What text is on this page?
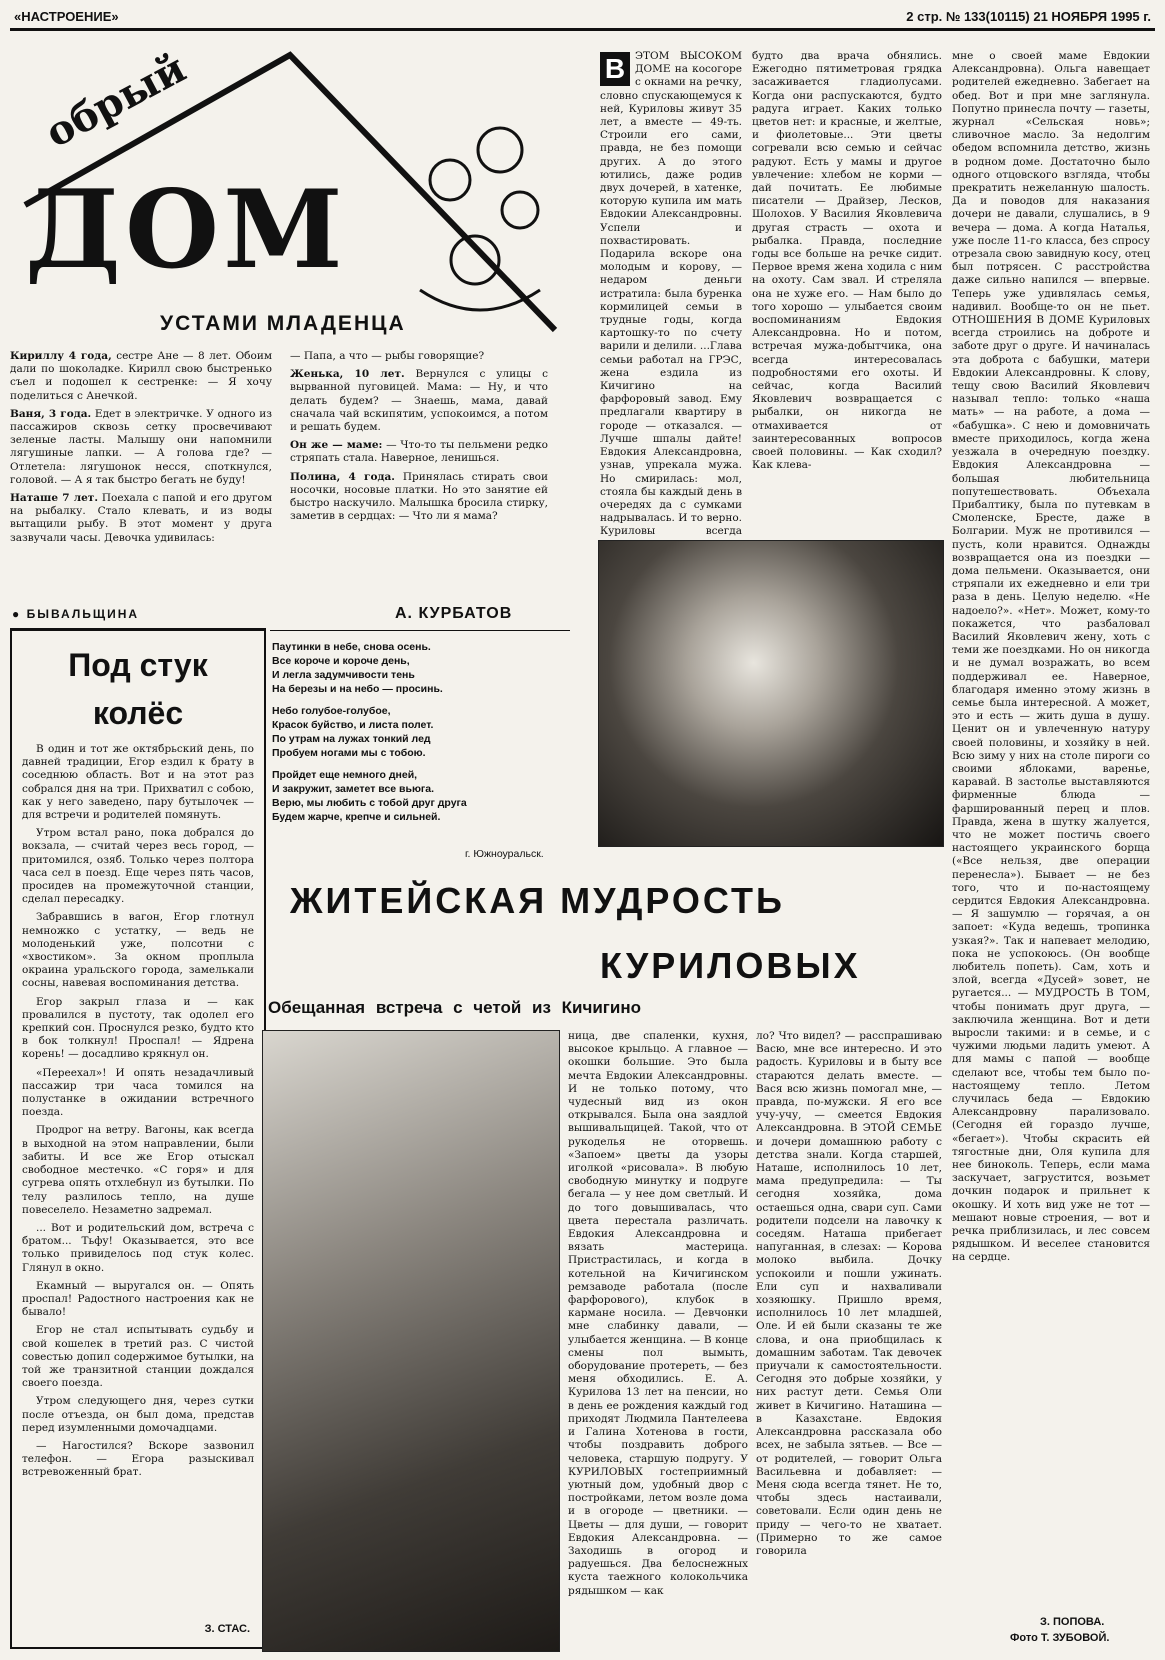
«НАСТРОЕНИЕ»	2 стр. № 133(10115) 21 НОЯБРЯ 1995 г.
обрый
ДОМ
УСТАМИ МЛАДЕНЦА

Кириллу 4 года, сестре Ане — 8 лет. Обоим дали по шоколадке. Кирилл свою быстренько съел и подошел к сестренке: — Я хочу поделиться с Анечкой.

Ваня, 3 года. Едет в электричке. У одного из пассажиров сквозь сетку просвечивают зеленые ласты. Малышу они напомнили лягушиные лапки. — А голова где? — Отлетела: лягушонок несся, споткнулся, головой. — А я так быстро бегать не буду!

Наташе 7 лет. Поехала с папой и его другом на рыбалку. Стало клевать, и из воды вытащили рыбу. В этот момент у друга зазвучали часы. Девочка удивилась:

— Папа, а что — рыбы говорящие?

Женька, 10 лет. Вернулся с улицы с вырванной пуговицей. Мама: — Ну, и что делать будем? — Знаешь, мама, давай сначала чай вскипятим, успокоимся, а потом и решать будем.

Он же — маме: — Что-то ты пельмени редко стряпать стала. Наверное, ленишься.

Полина, 4 года. Принялась стирать свои носочки, носовые платки. Но это занятие ей быстро наскучило. Малышка бросила стирку, заметив в сердцах: — Что ли я мама?

● БЫВАЛЬЩИНА
Под стук
колёс

В один и тот же октябрьский день, по давней традиции, Егор ездил к брату в соседнюю область. Вот и на этот раз собрался дня на три. Прихватил с собою, как у него заведено, пару бутылочек — для встречи и родителей помянуть.

Утром встал рано, пока добрался до вокзала, — считай через весь город, — притомился, озяб. Только через полтора часа сел в поезд. Еще через пять часов, просидев на промежуточной станции, сделал пересадку.

Забравшись в вагон, Егор глотнул немножко с устатку, — ведь не молоденький уже, полсотни с «хвостиком». За окном проплыла окраина уральского города, замелькали сосны, навевая воспоминания детства.

Егор закрыл глаза и — как провалился в пустоту, так одолел его крепкий сон. Проснулся резко, будто кто в бок толкнул! Проспал! — Ядрена корень! — досадливо крякнул он.

«Переехал»! И опять незадачливый пассажир три часа томился на полустанке в ожидании встречного поезда.

Продрог на ветру. Вагоны, как всегда в выходной на этом направлении, были забиты. И все же Егор отыскал свободное местечко. «С горя» и для сугрева опять отхлебнул из бутылки. По телу разлилось тепло, на душе повеселело. Незаметно задремал.

... Вот и родительский дом, встреча с братом... Тьфу! Оказывается, это все только привиделось под стук колес. Глянул в окно.

Екамный — выругался он. — Опять проспал! Радостного настроения как не бывало!

Егор не стал испытывать судьбу и свой кошелек в третий раз. С чистой совестью допил содержимое бутылки, на той же транзитной станции дождался своего поезда.

Утром следующего дня, через сутки после отъезда, он был дома, представ перед изумленными домочадцами.

— Нагостился? Вскоре зазвонил телефон. — Егора разыскивал встревоженный брат.

З. СТАС.
А. КУРБАТОВ
Паутинки в небе, снова осень.
Все короче и короче день,
И легла задумчивости тень
На березы и на небо — просинь.
Небо голубое-голубое,
Красок буйство, и листа полет.
По утрам на лужах тонкий лед
Пробуем ногами мы с тобою.
Пройдет еще немного дней,
И закружит, заметет все вьюга.
Верю, мы любить с тобой друг друга
Будем жарче, крепче и сильней.
г. Южноуральск.
ЖИТЕЙСКАЯ МУДРОСТЬ
КУРИЛОВЫХ
Обещанная встреча с четой из Кичигино
В ЭТОМ ВЫСОКОМ ДОМЕ на косогоре с окнами на речку, словно спускающемуся к ней, Куриловы живут 35 лет, а вместе — 49-ть. Строили его сами, правда, не без помощи других. А до этого ютились, даже родив двух дочерей, в хатенке, которую купила им мать Евдокии Александровны. Успели и похвастировать. Подарила вскоре она молодым и корову, — недаром деньги истратила: была буренка кормилицей семьи в трудные годы, когда картошку-то по счету варили и делили. ...Глава семьи работал на ГРЭС, жена ездила из Кичигино на фарфоровый завод. Ему предлагали квартиру в городе — отказался. — Лучше шпалы дайте! Евдокия Александровна, узнав, упрекала мужа. Но смирилась: мол, стояла бы каждый день в очередях да с сумками надрывалась. И то верно. Куриловы всегда
будто два врача обнялись. Ежегодно пятиметровая грядка засаживается гладиолусами. Когда они распускаются, будто радуга играет. Каких только цветов нет: и красные, и желтые, и фиолетовые... Эти цветы согревали всю семью и сейчас радуют. Есть у мамы и другое увлечение: хлебом не корми — дай почитать. Ее любимые писатели — Драйзер, Лесков, Шолохов. У Василия Яковлевича другая страсть — охота и рыбалка. Правда, последние годы все больше на речке сидит. Первое время жена ходила с ним на охоту. Сам звал. И стреляла она не хуже его. — Нам было до того хорошо — улыбается своим воспоминаниям Евдокия Александровна. Но и потом, встречая мужа-добытчика, она всегда интересовалась подробностями его охоты. И сейчас, когда Василий Яковлевич возвращается с рыбалки, он никогда не отмахивается от заинтересованных вопросов своей половины. — Как сходил? Как клева-
мне о своей маме Евдокии Александровна). Ольга навещает родителей ежедневно. Забегает на обед. Вот и при мне заглянула. Попутно принесла почту — газеты, журнал «Сельская новь»; сливочное масло. За недолгим обедом вспомнила детство, жизнь в родном доме. Достаточно было одного отцовского взгляда, чтобы прекратить нежеланную шалость. Да и поводов для наказания дочери не давали, слушались, в 9 вечера — дома. А когда Наталья, уже после 11-го класса, без спросу отрезала свою завидную косу, отец был потрясен. С расстройства даже сильно напился — впервые. Теперь уже удивлялась семья, надивил. Вообще-то он не пьет. ОТНОШЕНИЯ В ДОМЕ Куриловых всегда строились на доброте и заботе друг о друге. И начиналась эта доброта с бабушки, матери Евдокии Александровны. К слову, тещу свою Василий Яковлевич называл тепло: только «наша мать» — на работе, а дома — «бабушка». С нею и домовничать вместе приходилось, когда жена уезжала в очередную поездку. Евдокия Александровна — большая любительница попутешествовать. Объехала Прибалтику, была по путевкам в Смоленске, Бресте, даже в Болгарии. Муж не противился — пусть, коли нравится. Однажды возвращается она из поездки — дома пельмени. Оказывается, они стряпали их ежедневно и ели три раза в день. Целую неделю. «Не надоело?». «Нет». Может, кому-то покажется, что разбаловал Василий Яковлевич жену, хоть с теми же поездками. Но он никогда и не думал возражать, во всем поддерживал ее. Наверное, благодаря именно этому жизнь в семье была интересной. А может, это и есть — жить душа в душу. Ценит он и увлеченную натуру своей половины, и хозяйку в ней. Всю зиму у них на столе пироги со своими яблоками, варенье, каравай. В застолье выставляются фирменные блюда — фаршированный перец и плов. Правда, жена в шутку жалуется, что не может постичь своего настоящего украинского борща («Все нельзя, две операции перенесла»). Бывает — не без того, что и по-настоящему сердится Евдокия Александровна. — Я зашумлю — горячая, а он запоет: «Куда ведешь, тропинка узкая?». Так и напевает мелодию, пока не успокоюсь. (Он вообще любитель попеть). Сам, хоть и злой, всегда «Дусей» зовет, не ругается... — МУДРОСТЬ В ТОМ, чтобы понимать друг друга, — заключила женщина. Вот и дети выросли такими: и в семье, и с чужими людьми ладить умеют. А для мамы с папой — вообще сделают все, чтобы тем было по-настоящему тепло. Летом случилась беда — Евдокию Александровну парализовало. (Сегодня ей гораздо лучше, «бегает»). Чтобы скрасить ей тягостные дни, Оля купила для нее биноколь. Теперь, если мама заскучает, загрустится, возьмет дочкин подарок и прильнет к окошку. И хоть вид уже не тот — мешают новые строения, — вот и речка приблизилась, и лес совсем рядышком. И веселее становится на сердце.
ница, две спаленки, кухня, высокое крыльцо. А главное — окошки большие. Это была мечта Евдокии Александровны. И не только потому, что чудесный вид из окон открывался. Была она заядлой вышивальщицей. Такой, что от рукоделья не оторвешь. «Запоем» цветы да узоры иголкой «рисовала». В любую свободную минутку и подруге бегала — у нее дом светлый. И до того довышивалась, что цвета перестала различать. Евдокия Александровна и вязать мастерица. Пристрастилась, и когда в котельной на Кичигинском ремзаводе работала (после фарфорового), клубок в кармане носила. — Девчонки мне слабинку давали, — улыбается женщина. — В конце смены пол вымыть, оборудование протереть, — без меня обходились. Е. А. Курилова 13 лет на пенсии, но в день ее рождения каждый год приходят Людмила Пантелеева и Галина Хотенова в гости, чтобы поздравить доброго человека, старшую подругу. У КУРИЛОВЫХ гостеприимный уютный дом, удобный двор с постройками, летом возле дома и в огороде — цветники. — Цветы — для души, — говорит Евдокия Александровна. — Заходишь в огород и радуешься. Два белоснежных куста таежного колокольчика рядышком — как
ло? Что видел? — расспрашиваю Васю, мне все интересно. И это радость. Куриловы и в быту все стараются делать вместе. — Вася всю жизнь помогал мне, — правда, по-мужски. Я его все учу-учу, — смеется Евдокия Александровна. В ЭТОЙ СЕМЬЕ и дочери домашнюю работу с детства знали. Когда старшей, Наташе, исполнилось 10 лет, мама предупредила: — Ты сегодня хозяйка, дома остаешься одна, свари суп. Сами родители подсели на лавочку к соседям. Наташа прибегает напуганная, в слезах: — Корова молоко выбила. Дочку успокоили и пошли ужинать. Ели суп и нахваливали хозяюшку. Пришло время, исполнилось 10 лет младшей, Оле. И ей были сказаны те же слова, и она приобщилась к домашним заботам. Так девочек приучали к самостоятельности. Сегодня это добрые хозяйки, у них растут дети. Семья Оли живет в Кичигино. Наташина — в Казахстане. Евдокия Александровна рассказала обо всех, не забыла зятьев. — Все — от родителей, — говорит Ольга Васильевна и добавляет: — Меня сюда всегда тянет. Не то, чтобы здесь настаивали, советовали. Если один день не приду — чего-то не хватает. (Примерно то же самое говорила
З. ПОПОВА.
Фото Т. ЗУБОВОЙ.
